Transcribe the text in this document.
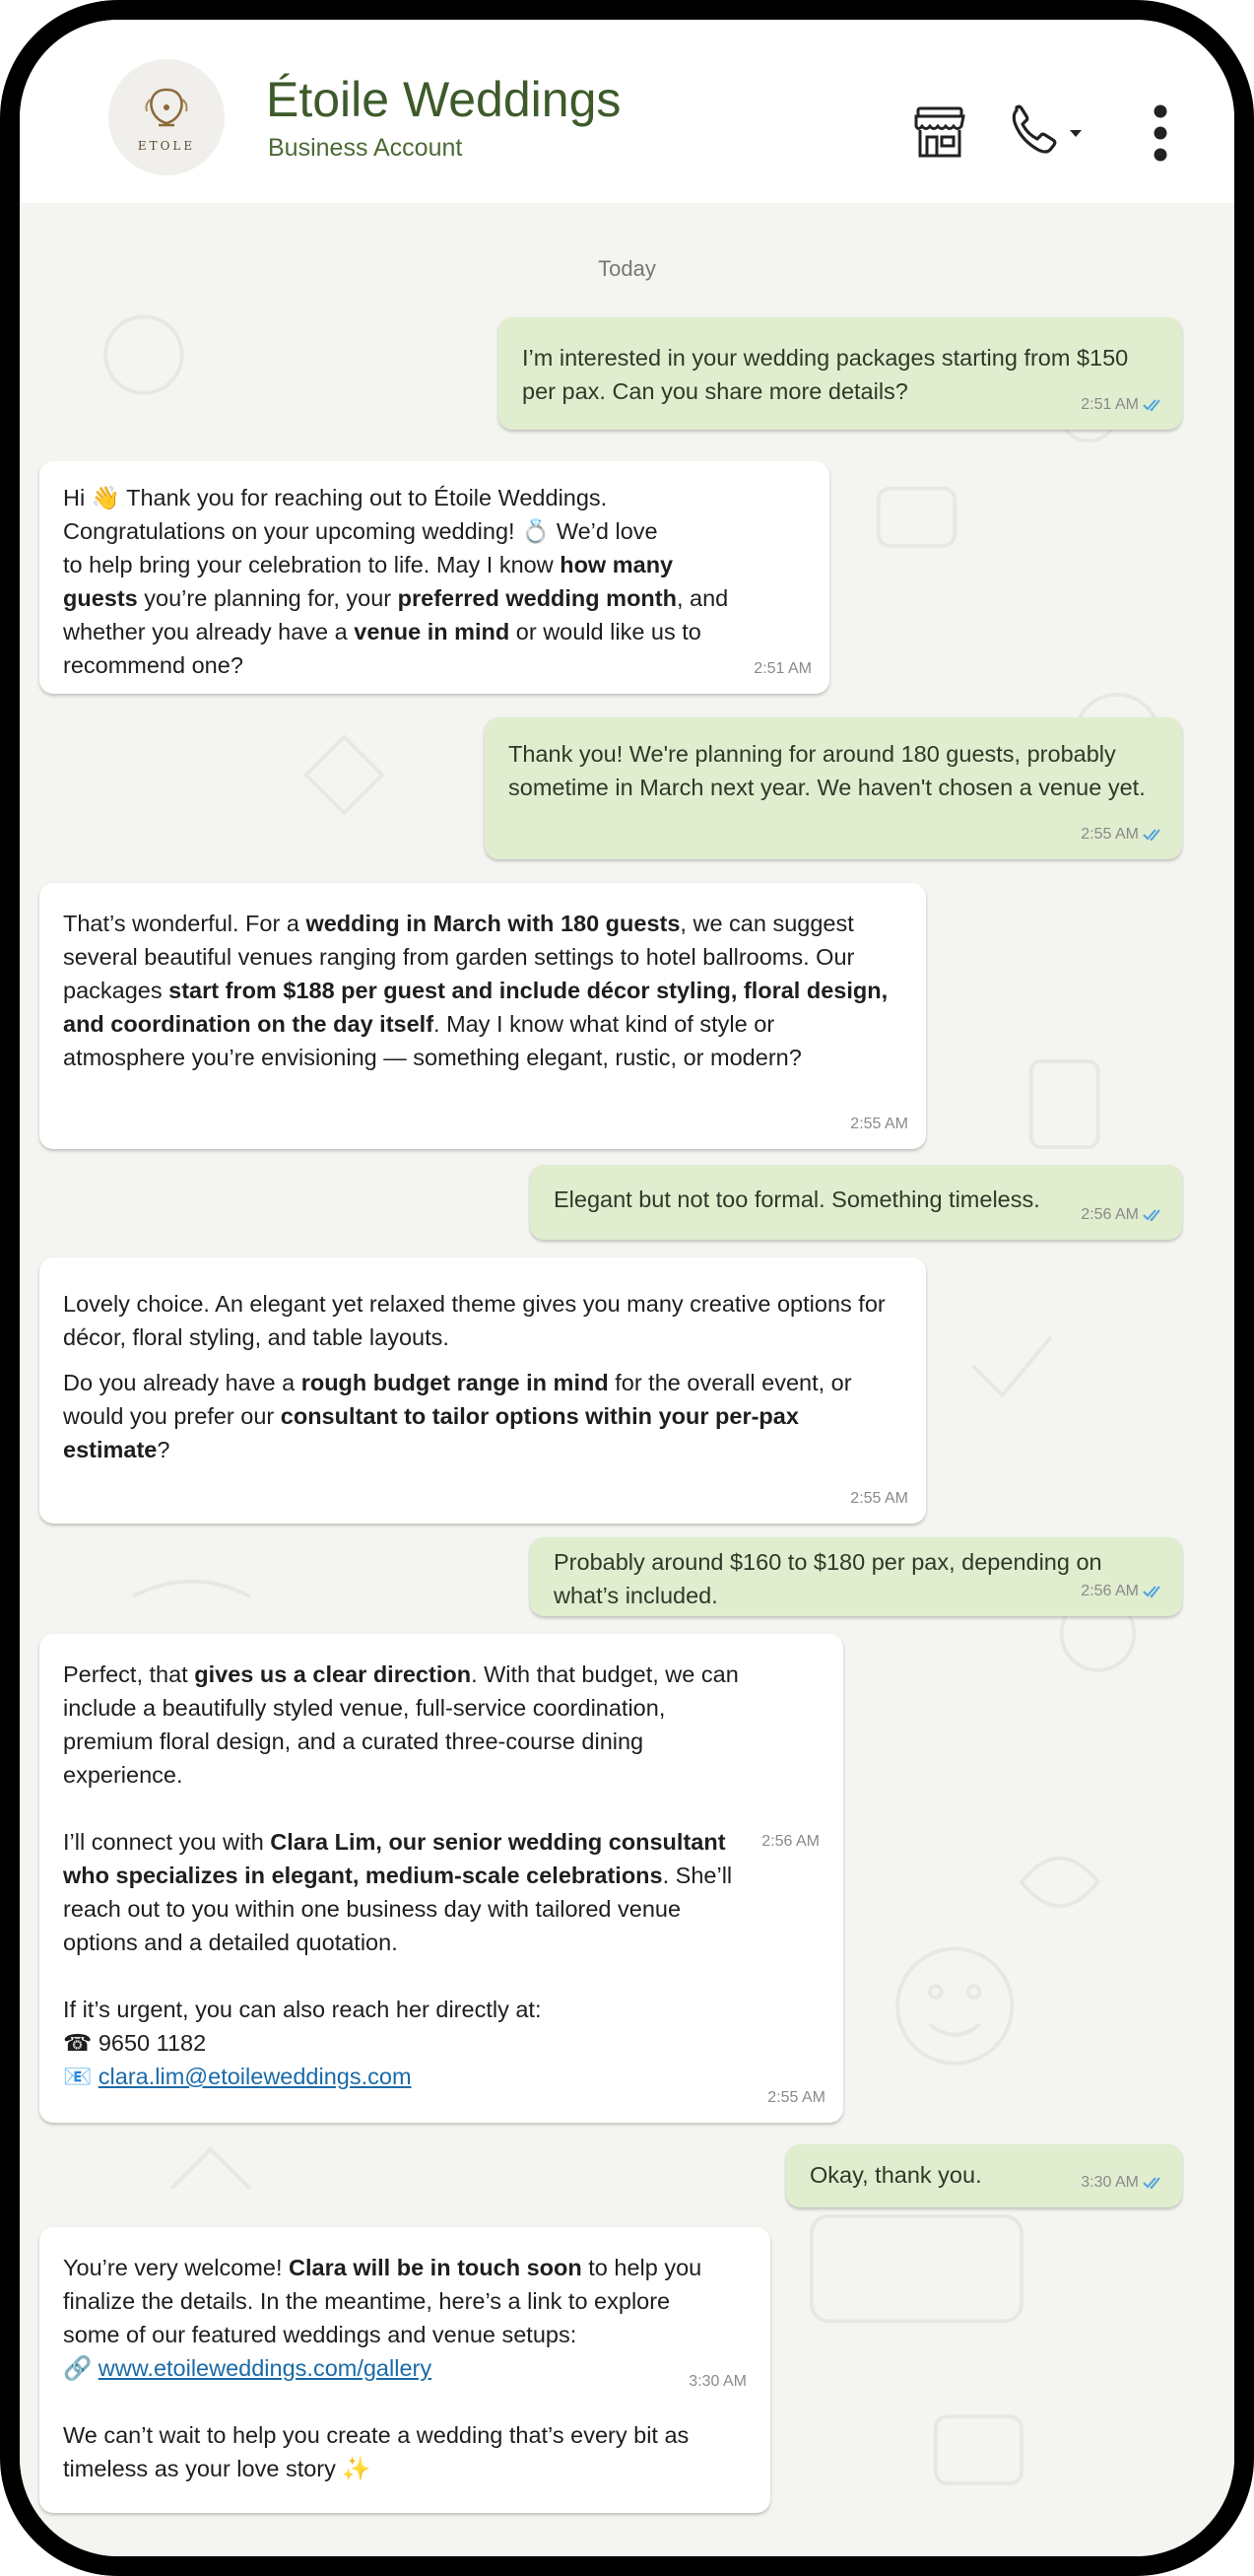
ETOLE
Étoile Weddings
Business Account
Today

I’m interested in your wedding packages starting from $150 per pax. Can you share more details?

2:51 AM

Hi 👋 Thank you for reaching out to Étoile Weddings.
Congratulations on your upcoming wedding! 💍 We’d love
to help bring your celebration to life. May I know how many
guests you’re planning for, your preferred wedding month, and
whether you already have a venue in mind or would like us to
recommend one?	2:51 AM

Thank you! We're planning for around 180 guests, probably sometime in March next year. We haven't chosen a venue yet.

2:55 AM

That’s wonderful. For a wedding in March with 180 guests, we can suggest several beautiful venues ranging from garden settings to hotel ballrooms. Our packages start from $188 per guest and include décor styling, floral design, and coordination on the day itself. May I know what kind of style or atmosphere you’re envisioning — something elegant, rustic, or modern?

2:55 AM

Elegant but not too formal. Something timeless.

2:56 AM

Lovely choice. An elegant yet relaxed theme gives you many creative options for décor, floral styling, and table layouts.

Do you already have a rough budget range in mind for the overall event, or would you prefer our consultant to tailor options within your per-pax estimate?

2:55 AM

Probably around $160 to $180 per pax, depending on what’s included.	2:56 AM

Perfect, that gives us a clear direction. With that budget, we can include a beautifully styled venue, full-service coordination, premium floral design, and a curated three-course dining experience.

I’ll connect you with Clara Lim, our senior wedding consultant who specializes in elegant, medium-scale celebrations. She’ll reach out to you within one business day with tailored venue options and a detailed quotation.

If it’s urgent, you can also reach her directly at:

☎ 9650 1182

📧 clara.lim@etoileweddings.com

2:56 AM
2:55 AM

Okay, thank you.	3:30 AM

You’re very welcome! Clara will be in touch soon to help you finalize the details. In the meantime, here’s a link to explore some of our featured weddings and venue setups:

🔗 www.etoileweddings.com/gallery

We can’t wait to help you create a wedding that’s every bit as timeless as your love story ✨

3:30 AM
